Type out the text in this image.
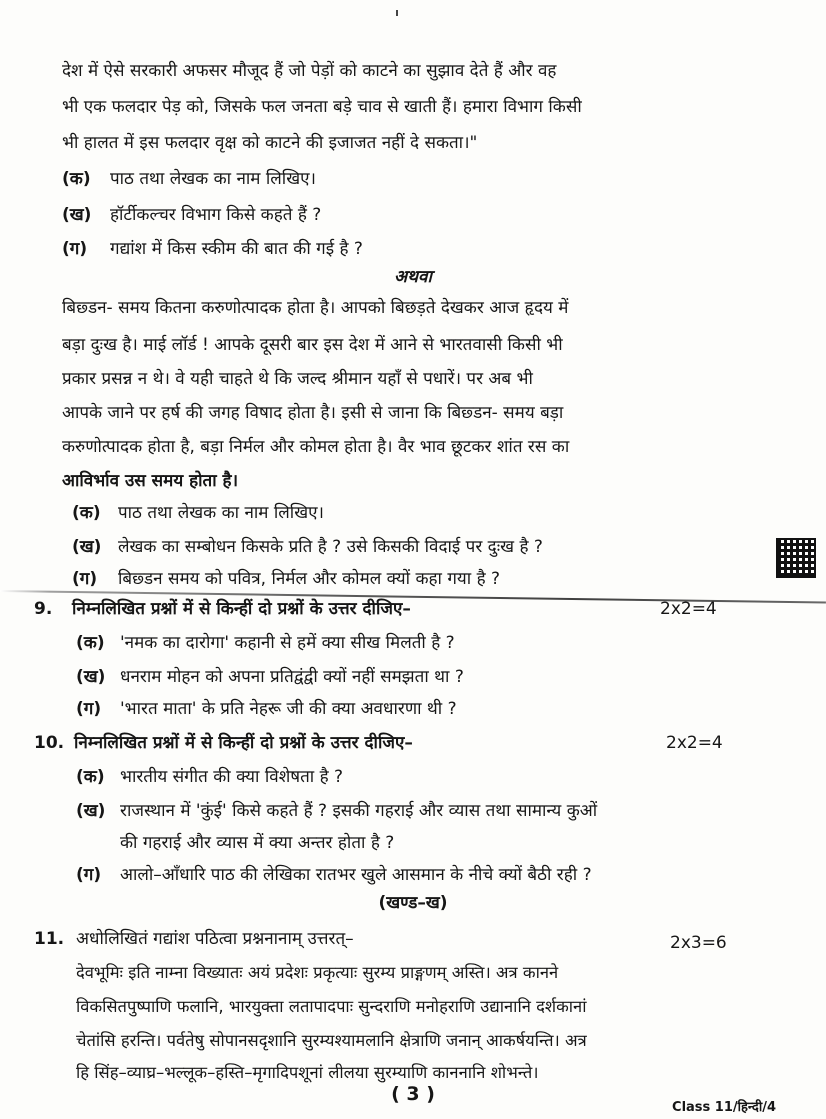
देश में ऐसे सरकारी अफसर मौजूद हैं जो पेड़ों को काटने का सुझाव देते हैं और वह
भी एक फलदार पेड़ को, जिसके फल जनता बड़े चाव से खाती हैं। हमारा विभाग किसी
भी हालत में इस फलदार वृक्ष को काटने की इजाजत नहीं दे सकता।"
(क) पाठ तथा लेखक का नाम लिखिए।
(ख) हॉर्टीकल्चर विभाग किसे कहते हैं ?
(ग) गद्यांश में किस स्कीम की बात की गई है ?
अथवा
बिछ्डन- समय कितना करुणोत्पादक होता है। आपको बिछड़ते देखकर आज हृदय में
बड़ा दुःख है। माई लॉर्ड ! आपके दूसरी बार इस देश में आने से भारतवासी किसी भी
प्रकार प्रसन्न न थे। वे यही चाहते थे कि जल्द श्रीमान यहाँ से पधारें। पर अब भी
आपके जाने पर हर्ष की जगह विषाद होता है। इसी से जाना कि बिछ्डन- समय बड़ा
करुणोत्पादक होता है, बड़ा निर्मल और कोमल होता है। वैर भाव छूटकर शांत रस का
आविर्भाव उस समय होता है।
(क) पाठ तथा लेखक का नाम लिखिए।
(ख) लेखक का सम्बोधन किसके प्रति है ? उसे किसकी विदाई पर दुःख है ?
(ग) बिछ्डन समय को पवित्र, निर्मल और कोमल क्यों कहा गया है ?
9. निम्नलिखित प्रश्नों में से किन्हीं दो प्रश्नों के उत्तर दीजिए–	2x2=4
(क) 'नमक का दारोगा' कहानी से हमें क्या सीख मिलती है ?
(ख) धनराम मोहन को अपना प्रतिद्वंद्वी क्यों नहीं समझता था ?
(ग) 'भारत माता' के प्रति नेहरू जी की क्या अवधारणा थी ?
10. निम्नलिखित प्रश्नों में से किन्हीं दो प्रश्नों के उत्तर दीजिए–	2x2=4
(क) भारतीय संगीत की क्या विशेषता है ?
(ख) राजस्थान में 'कुंई' किसे कहते हैं ? इसकी गहराई और व्यास तथा सामान्य कुओं
की गहराई और व्यास में क्या अन्तर होता है ?
(ग) आलो–आँधारि पाठ की लेखिका रातभर खुले आसमान के नीचे क्यों बैठी रही ?
(खण्ड–ख)
11. अधोलिखितं गद्यांश पठित्वा प्रश्ननानाम् उत्तरत्–	2x3=6
देवभूमिः इति नाम्ना विख्यातः अयं प्रदेशः प्रकृत्याः सुरम्य प्राङ्गणम् अस्ति। अत्र कानने
विकसितपुष्पाणि फलानि, भारयुक्ता लतापादपाः सुन्दराणि मनोहराणि उद्यानानि दर्शकानां
चेतांसि हरन्ति। पर्वतेषु सोपानसदृशानि सुरम्यश्यामलानि क्षेत्राणि जनान् आकर्षयन्ति। अत्र
हि सिंह–व्याघ्र–भल्लूक–हस्ति–मृगादिपशूनां लीलया सुरम्याणि काननानि शोभन्ते।
( 3 )
Class 11/हिन्दी/4
